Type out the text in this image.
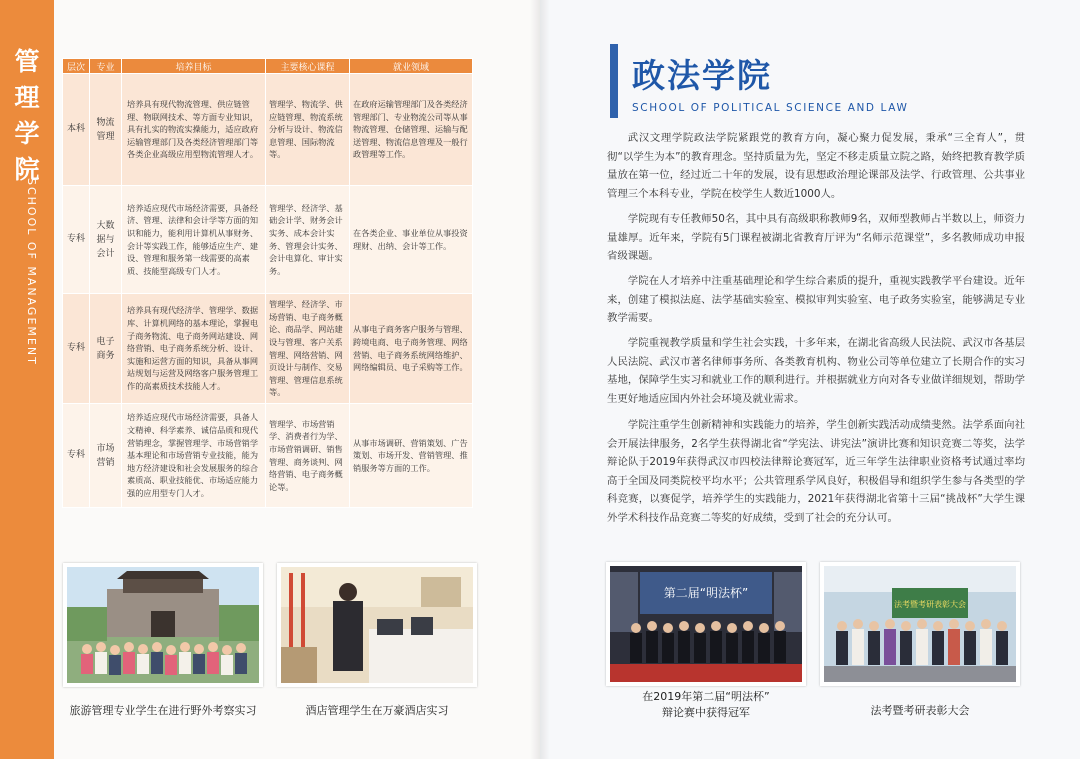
管
理
学
院
SCHOOL OF MANAGEMENT
层次	专业	培养目标	主要核心课程	就业领域
本科	物流管理	培养具有现代物流管理、供应链管理、物联网技术、等方面专业知识，具有扎实的物流实操能力，适应政府运输管理部门及各类经济管理部门等各类企业高级应用型物流管理人才。	管理学、物流学、供应链管理、物流系统分析与设计、物流信息管理、国际物流等。	在政府运输管理部门及各类经济管理部门、专业物流公司等从事物流管理、仓储管理、运输与配送管理、物流信息管理及一般行政管理等工作。
专科	大数据与会计	培养适应现代市场经济需要，具备经济、管理、法律和会计学等方面的知识和能力，能利用计算机从事财务、会计等实践工作，能够适应生产、建设、管理和服务第一线需要的高素质、技能型高级专门人才。	管理学、经济学、基础会计学、财务会计实务、成本会计实务、管理会计实务、会计电算化、审计实务。	在各类企业、事业单位从事投资理财、出纳、会计等工作。
专科	电子商务	培养具有现代经济学、管理学、数据库、计算机网络的基本理论，掌握电子商务物流、电子商务网站建设、网络营销、电子商务系统分析、设计、实施和运营方面的知识，具备从事网站规划与运营及网络客户服务管理工作的高素质技术技能人才。	管理学、经济学、市场营销、电子商务概论、商品学、网站建设与管理、客户关系管理、网络营销、网页设计与制作、交易管理、管理信息系统等。	从事电子商务客户服务与管理、跨境电商、电子商务管理、网络营销、电子商务系统网络维护、网络编辑员、电子采购等工作。
专科	市场营销	培养适应现代市场经济需要，具备人文精神、科学素养、诚信品质和现代营销理念，掌握管理学、市场营销学基本理论和市场营销专业技能，能为地方经济建设和社会发展服务的综合素质高、职业技能优、市场适应能力强的应用型专门人才。	管理学、市场营销学、消费者行为学、市场营销调研、销售管理、商务谈判、网络营销、电子商务概论等。	从事市场调研、营销策划、广告策划、市场开发、营销管理、推销服务等方面的工作。
旅游管理专业学生在进行野外考察实习	酒店管理学生在万豪酒店实习
政法学院
SCHOOL OF POLITICAL SCIENCE AND LAW

武汉文理学院政法学院紧跟党的教育方向，凝心聚力促发展，秉承“三全育人”，贯彻“以学生为本”的教育理念。坚持质量为先，坚定不移走质量立院之路，始终把教育教学质量放在第一位，经过近二十年的发展，设有思想政治理论课部及法学、行政管理、公共事业管理三个本科专业，学院在校学生人数近1000人。

学院现有专任教师50名，其中具有高级职称教师9名，双师型教师占半数以上，师资力量雄厚。近年来，学院有5门课程被湖北省教育厅评为“名师示范课堂”，多名教师成功申报省级课题。

学院在人才培养中注重基础理论和学生综合素质的提升，重视实践教学平台建设。近年来，创建了模拟法庭、法学基础实验室、模拟审判实验室、电子政务实验室，能够满足专业教学需要。

学院重视教学质量和学生社会实践，十多年来，在湖北省高级人民法院、武汉市各基层人民法院、武汉市著名律师事务所、各类教育机构、物业公司等单位建立了长期合作的实习基地，保障学生实习和就业工作的顺利进行。并根据就业方向对各专业做详细规划，帮助学生更好地适应国内外社会环境及就业需求。

学院注重学生创新精神和实践能力的培养，学生创新实践活动成绩斐然。法学系面向社会开展法律服务，2名学生获得湖北省“学宪法、讲宪法”演讲比赛和知识竞赛二等奖，法学辩论队于2019年获得武汉市四校法律辩论赛冠军，近三年学生法律职业资格考试通过率均高于全国及同类院校平均水平；公共管理系学风良好，积极倡导和组织学生参与各类型的学科竞赛，以赛促学，培养学生的实践能力，2021年获得湖北省第十三届“挑战杯”大学生课外学术科技作品竞赛二等奖的好成绩，受到了社会的充分认可。

第二届“明法杯”
在2019年第二届“明法杯”
辩论赛中获得冠军
法考暨考研表彰大会
法考暨考研表彰大会
